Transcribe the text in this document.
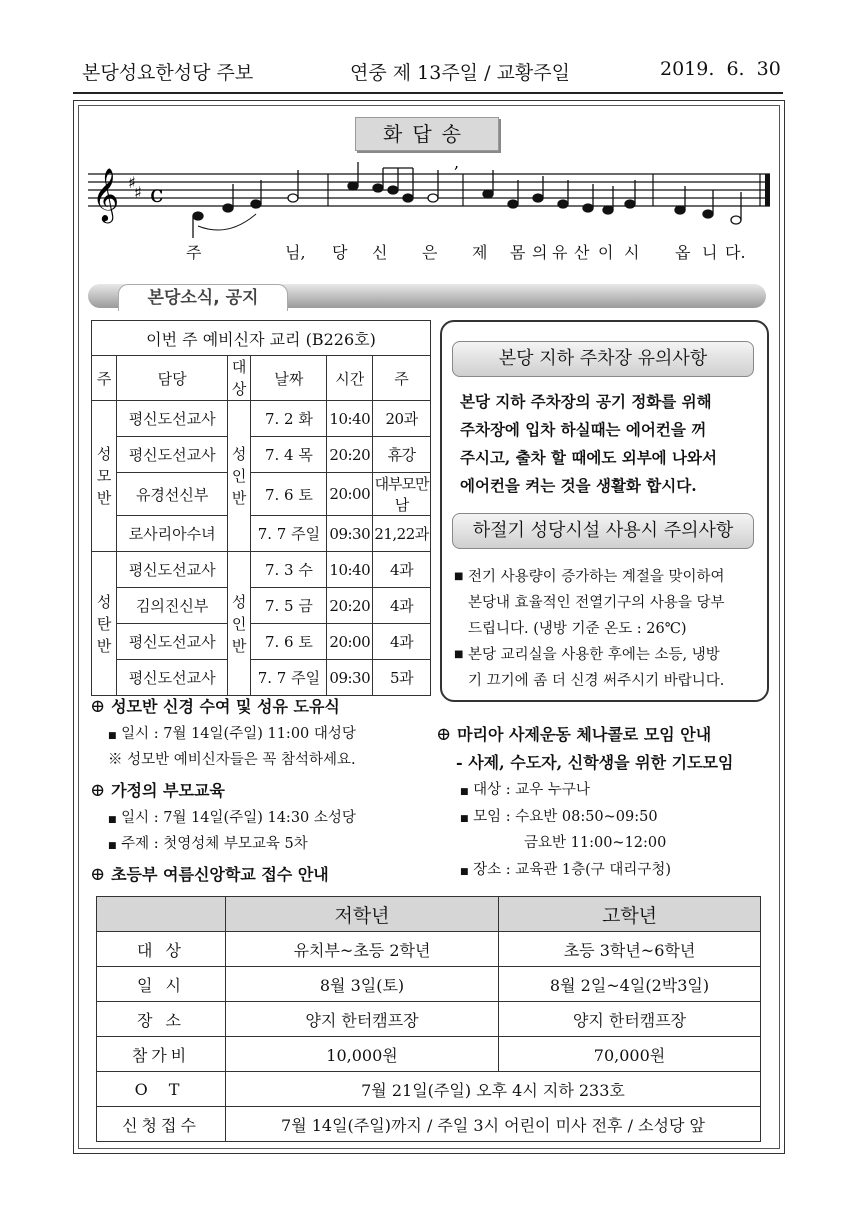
본당성요한성당 주보	연중 제 13주일 / 교황주일	2019.  6.  30
화답송
𝄞 ♯
♯ c
,
주	님, 당 신 은 제 몸 의 유 산 이 시 옵 니 다.
본당소식, 공지
이번 주 예비신자 교리 (B226호)					
주	담당	대상	날짜	시간	주
성모반	평신도선교사	성인반	7. 2 화	10:40	20과
	평신도선교사		7. 4 목	20:20	휴강
	유경선신부		7. 6 토	20:00	대부모만남
	로사리아수녀		7. 7 주일	09:30	21,22과
성탄반	평신도선교사	성인반	7. 3 수	10:40	4과
	김의진신부		7. 5 금	20:20	4과
	평신도선교사		7. 6 토	20:00	4과
	평신도선교사		7. 7 주일	09:30	5과
본당 지하 주차장 유의사항
본당 지하 주차장의 공기 정화를 위해
주차장에 입차 하실때는 에어컨을 꺼
주시고, 출차 할 때에도 외부에 나와서
에어컨을 켜는 것을 생활화 합시다.
하절기 성당시설 사용시 주의사항
■ 전기 사용량이 증가하는 계절을 맞이하여
본당내 효율적인 전열기구의 사용을 당부
드립니다. (냉방 기준 온도 : 26℃)
■ 본당 교리실을 사용한 후에는 소등, 냉방
기 끄기에 좀 더 신경 써주시기 바랍니다.
⊕ 성모반 신경 수여 및 성유 도유식
■ 일시 : 7월 14일(주일) 11:00 대성당
※ 성모반 예비신자들은 꼭 참석하세요.
⊕ 가정의 부모교육
■ 일시 : 7월 14일(주일) 14:30 소성당
■ 주제 : 첫영성체 부모교육 5차
⊕ 초등부 여름신앙학교 접수 안내
⊕ 마리아 사제운동 체나콜로 모임 안내
- 사제, 수도자, 신학생을 위한 기도모임
■ 대상 : 교우 누구나
■ 모임 : 수요반 08:50~09:50
금요반 11:00~12:00
■ 장소 : 교육관 1층(구 대리구청)
	저학년	고학년
대 상	유치부~초등 2학년	초등 3학년~6학년
일 시	8월 3일(토)	8월 2일~4일(2박3일)
장 소	양지 한터캠프장	양지 한터캠프장
참가비	10,000원	70,000원
O T	7월 21일(주일) 오후 4시 지하 233호	
신청접수	7월 14일(주일)까지 / 주일 3시 어린이 미사 전후 / 소성당 앞	
